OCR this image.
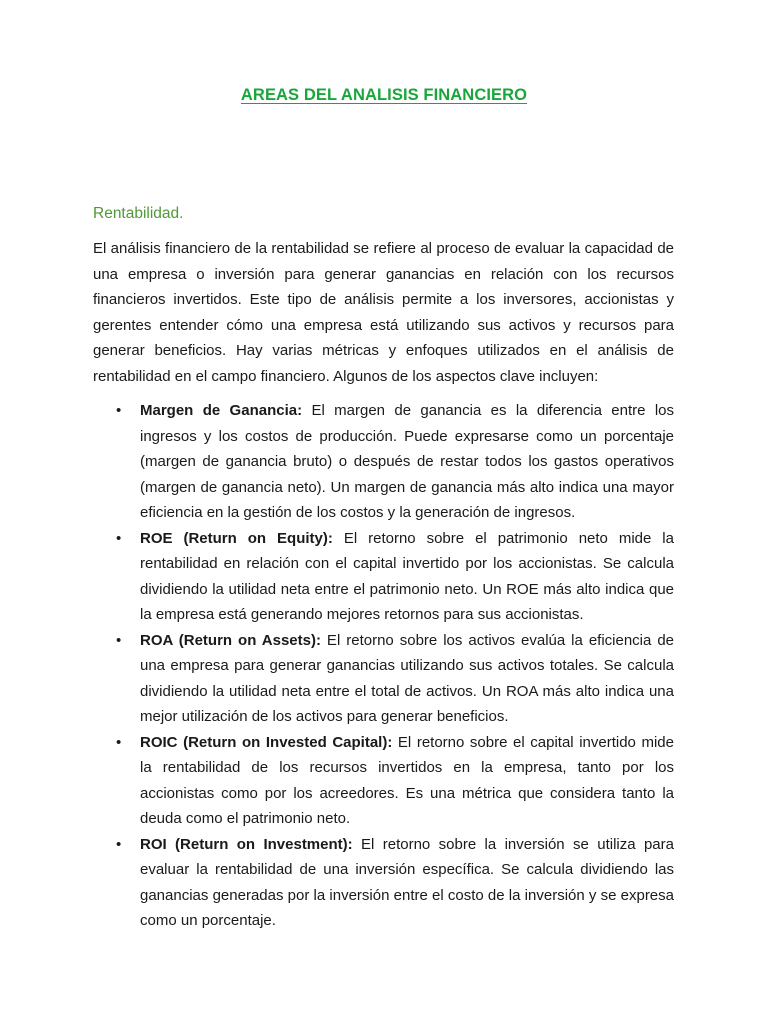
AREAS DEL ANALISIS FINANCIERO
Rentabilidad.

El análisis financiero de la rentabilidad se refiere al proceso de evaluar la capacidad de una empresa o inversión para generar ganancias en relación con los recursos financieros invertidos. Este tipo de análisis permite a los inversores, accionistas y gerentes entender cómo una empresa está utilizando sus activos y recursos para generar beneficios. Hay varias métricas y enfoques utilizados en el análisis de rentabilidad en el campo financiero. Algunos de los aspectos clave incluyen:

• Margen de Ganancia: El margen de ganancia es la diferencia entre los ingresos y los costos de producción. Puede expresarse como un porcentaje (margen de ganancia bruto) o después de restar todos los gastos operativos (margen de ganancia neto). Un margen de ganancia más alto indica una mayor eficiencia en la gestión de los costos y la generación de ingresos.
• ROE (Return on Equity): El retorno sobre el patrimonio neto mide la rentabilidad en relación con el capital invertido por los accionistas. Se calcula dividiendo la utilidad neta entre el patrimonio neto. Un ROE más alto indica que la empresa está generando mejores retornos para sus accionistas.
• ROA (Return on Assets): El retorno sobre los activos evalúa la eficiencia de una empresa para generar ganancias utilizando sus activos totales. Se calcula dividiendo la utilidad neta entre el total de activos. Un ROA más alto indica una mejor utilización de los activos para generar beneficios.
• ROIC (Return on Invested Capital): El retorno sobre el capital invertido mide la rentabilidad de los recursos invertidos en la empresa, tanto por los accionistas como por los acreedores. Es una métrica que considera tanto la deuda como el patrimonio neto.
• ROI (Return on Investment): El retorno sobre la inversión se utiliza para evaluar la rentabilidad de una inversión específica. Se calcula dividiendo las ganancias generadas por la inversión entre el costo de la inversión y se expresa como un porcentaje.
